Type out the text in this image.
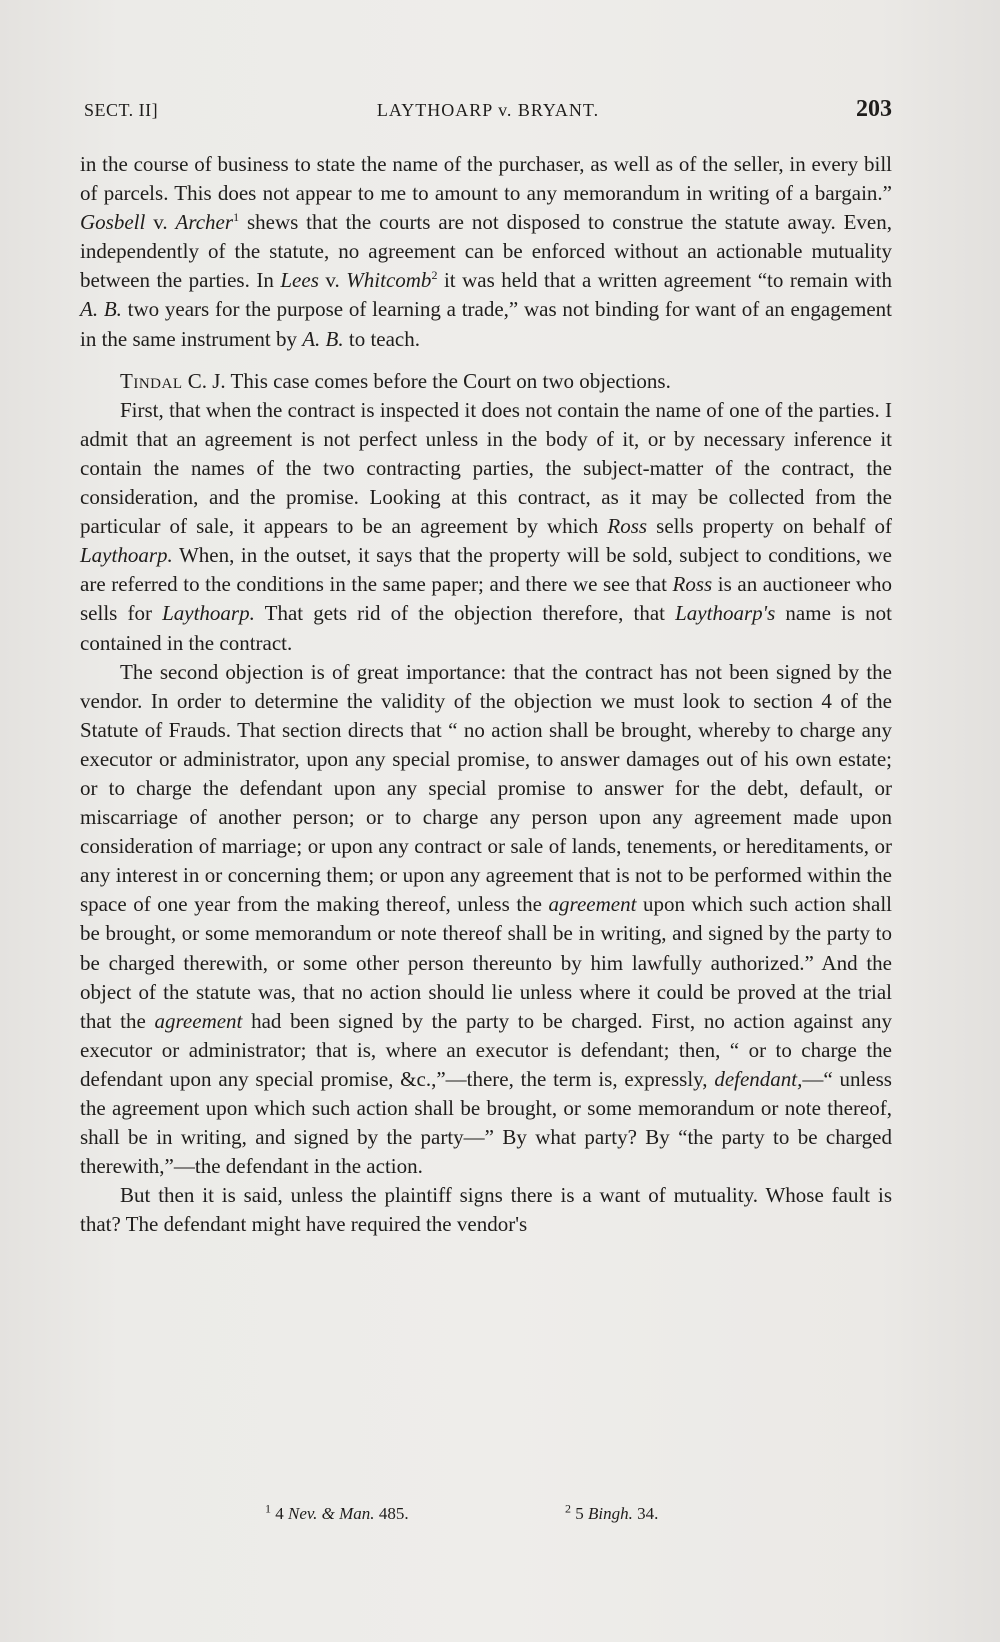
SECT. II]	LAYTHOARP v. BRYANT.	203

in the course of business to state the name of the purchaser, as well as of the seller, in every bill of parcels. This does not appear to me to amount to any memorandum in writing of a bargain.” Gosbell v. Archer$^1$ shews that the courts are not disposed to construe the statute away. Even, independently of the statute, no agreement can be enforced without an actionable mutuality between the parties. In Lees v. Whitcomb$^2$ it was held that a written agreement “to remain with A. B. two years for the purpose of learning a trade,” was not binding for want of an engagement in the same instrument by A. B. to teach.

Tindal C. J. This case comes before the Court on two objections.

First, that when the contract is inspected it does not contain the name of one of the parties. I admit that an agreement is not perfect unless in the body of it, or by necessary inference it contain the names of the two contracting parties, the subject-matter of the contract, the consideration, and the promise. Looking at this contract, as it may be collected from the particular of sale, it appears to be an agreement by which Ross sells property on behalf of Laythoarp. When, in the outset, it says that the property will be sold, subject to conditions, we are referred to the conditions in the same paper; and there we see that Ross is an auctioneer who sells for Laythoarp. That gets rid of the objection therefore, that Laythoarp's name is not contained in the contract.

The second objection is of great importance: that the contract has not been signed by the vendor. In order to determine the validity of the objection we must look to section 4 of the Statute of Frauds. That section directs that “ no action shall be brought, whereby to charge any executor or administrator, upon any special promise, to answer damages out of his own estate; or to charge the defendant upon any special promise to answer for the debt, default, or miscarriage of another person; or to charge any person upon any agreement made upon consideration of marriage; or upon any contract or sale of lands, tenements, or hereditaments, or any interest in or concerning them; or upon any agreement that is not to be performed within the space of one year from the making thereof, unless the agreement upon which such action shall be brought, or some memorandum or note thereof shall be in writing, and signed by the party to be charged therewith, or some other person thereunto by him lawfully authorized.” And the object of the statute was, that no action should lie unless where it could be proved at the trial that the agreement had been signed by the party to be charged. First, no action against any executor or administrator; that is, where an executor is defendant; then, “ or to charge the defendant upon any special promise, &c.,”—there, the term is, expressly, defendant,—“ unless the agreement upon which such action shall be brought, or some memorandum or note thereof, shall be in writing, and signed by the party—” By what party? By “the party to be charged therewith,”—the defendant in the action.

But then it is said, unless the plaintiff signs there is a want of mutuality. Whose fault is that? The defendant might have required the vendor's

$^1$ 4 Nev. & Man. 485.	$^2$ 5 Bingh. 34.
